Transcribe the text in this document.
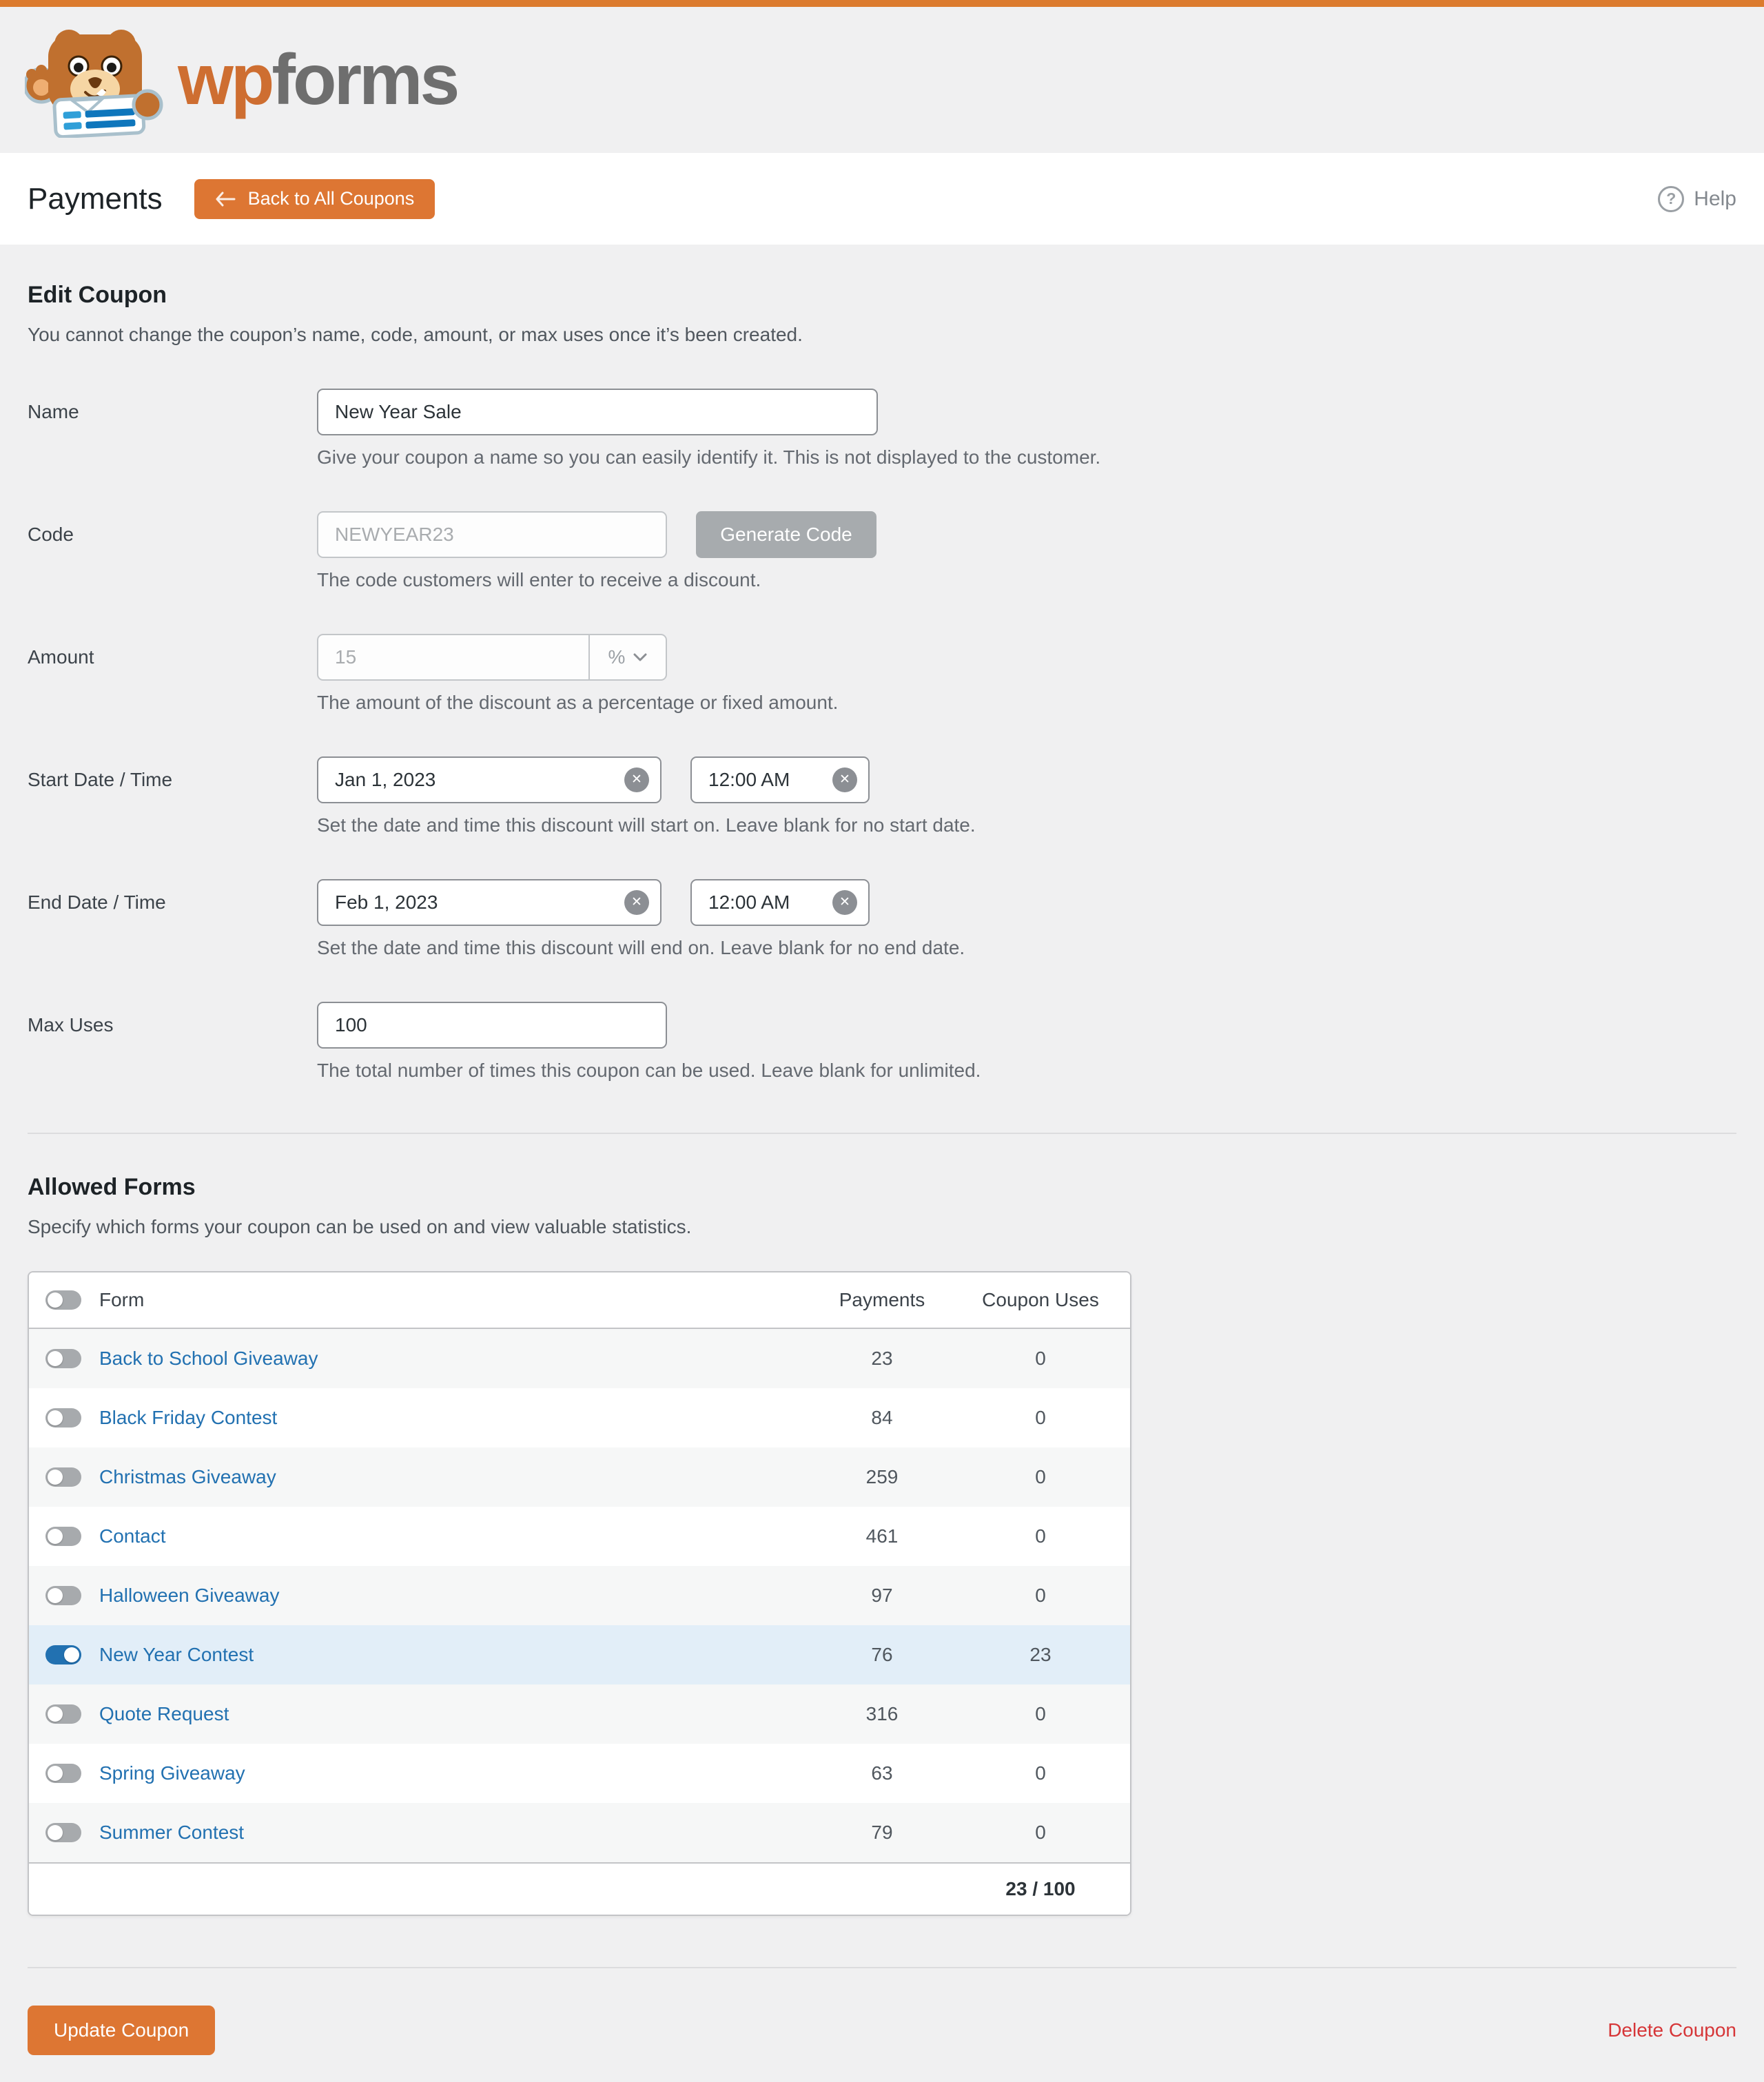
wpforms
Payments	Back to All Coupons	? Help
Edit Coupon

You cannot change the coupon’s name, code, amount, or max uses once it’s been created.

Name
New Year Sale
Give your coupon a name so you can easily identify it. This is not displayed to the customer.
Code
NEWYEAR23	Generate Code
The code customers will enter to receive a discount.
Amount
15	%
The amount of the discount as a percentage or fixed amount.
Start Date / Time
Jan 1, 2023	✕
12:00 AM	✕
Set the date and time this discount will start on. Leave blank for no start date.
End Date / Time
Feb 1, 2023	✕
12:00 AM	✕
Set the date and time this discount will end on. Leave blank for no end date.
Max Uses
100
The total number of times this coupon can be used. Leave blank for unlimited.
Allowed Forms

Specify which forms your coupon can be used on and view valuable statistics.

Form	Payments	Coupon Uses
Back to School Giveaway	23	0
Black Friday Contest	84	0
Christmas Giveaway	259	0
Contact	461	0
Halloween Giveaway	97	0
New Year Contest	76	23
Quote Request	316	0
Spring Giveaway	63	0
Summer Contest	79	0
23 / 100
Update Coupon	Delete Coupon
